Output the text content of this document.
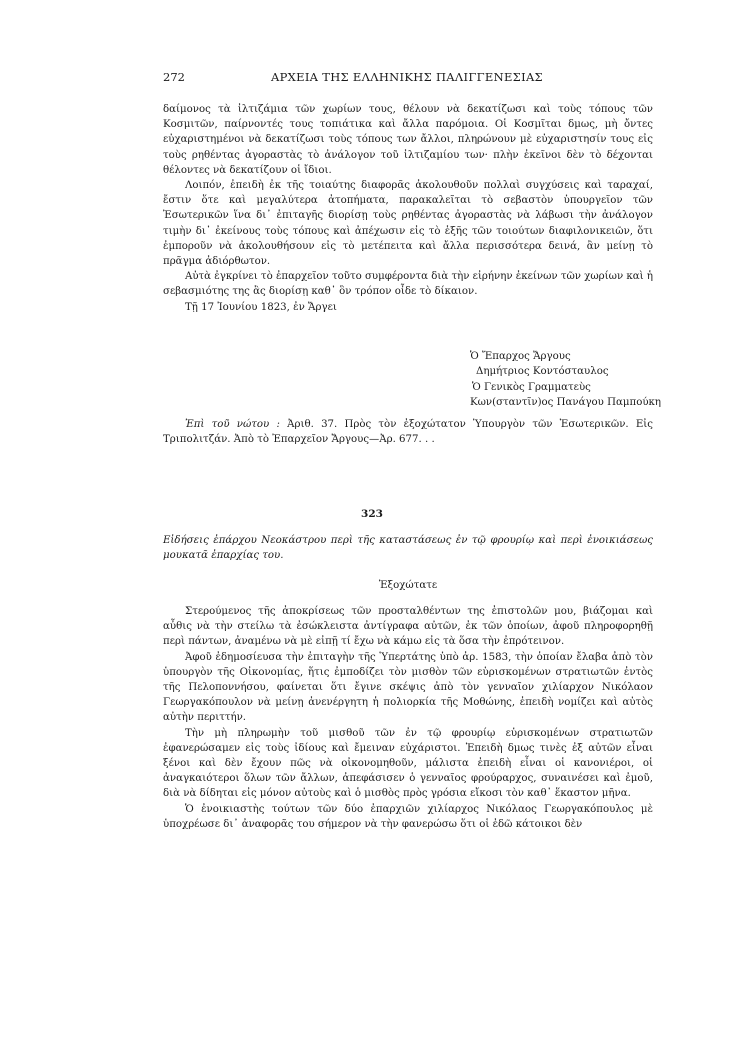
272	ΑΡΧΕΙΑ ΤΗΣ ΕΛΛΗΝΙΚΗΣ ΠΑΛΙΓΓΕΝΕΣΙΑΣ

δαίμονος τὰ ἰλτιζάμια τῶν χωρίων τους, θέλουν νὰ δεκατίζωσι καὶ τοὺς τόπους τῶν Κοσμιτῶν, παίρνοντές τους τοπιάτικα καὶ ἄλλα παρόμοια. Οἱ Κοσμῖται δμως, μὴ ὄντες εὐχαριστημένοι νὰ δεκατίζωσι τοὺς τόπους των ἄλλοι, πληρώνουν μὲ εὐχαριστησίν τους εἰς τοὺς ρηθέντας ἀγοραστὰς τὸ ἀνάλογον τοῦ ἰλτιζαμίου των· πλὴν ἐκεῖνοι δὲν τὸ δέχονται θέλοντες νὰ δεκατίζουν οἱ ἴδιοι.

Λοιπόν, ἐπειδὴ ἐκ τῆς τοιαύτης διαφορᾶς ἀκολουθοῦν πολλαὶ συγχύσεις καὶ ταραχαί, ἔστιν ὅτε καὶ μεγαλύτερα ἀτοπήματα, παρακαλεῖται τὸ σεβαστὸν ὑπουργεῖον τῶν Ἐσωτερικῶν ἵνα δι᾽ ἐπιταγῆς διορίσῃ τοὺς ρηθέντας ἀγοραστὰς νὰ λάβωσι τὴν ἀνάλογον τιμὴν δι᾽ ἐκείνους τοὺς τόπους καὶ ἀπέχωσιν εἰς τὸ ἑξῆς τῶν τοιούτων διαφιλονικειῶν, ὅτι ἐμποροῦν νὰ ἀκολουθήσουν εἰς τὸ μετέπειτα καὶ ἄλλα περισσότερα δεινά, ἂν μείνῃ τὸ πρᾶγμα ἀδιόρθωτον.

Αὐτὰ ἐγκρίνει τὸ ἐπαρχεῖον τοῦτο συμφέροντα διὰ τὴν εἰρήνην ἐκείνων τῶν χωρίων καὶ ἡ σεβασμιότης της ἂς διορίσῃ καθ᾽ ὃν τρόπον οἶδε τὸ δίκαιον.

Τῇ 17 Ἰουνίου 1823, ἐν Ἄργει

Ὁ Ἔπαρχος Ἄργους
Δημήτριος Κοντόσταυλος
Ὁ Γενικὸς Γραμματεὺς
Κων(σταντῖν)ος Πανάγου Παμπούκη

Ἐπὶ τοῦ νώτου : Ἀριθ. 37. Πρὸς τὸν ἐξοχώτατον Ὑπουργὸν τῶν Ἐσωτερικῶν. Εἰς Τριπολιτζάν. Ἀπὸ τὸ Ἐπαρχεῖον Ἄργους—Ἀρ. 677. . .

323

Εἰδήσεις ἐπάρχου Νεοκάστρου περὶ τῆς καταστάσεως ἐν τῷ φρουρίῳ καὶ περὶ ἐνοικιάσεως μουκατᾶ ἐπαρχίας του.

Ἐξοχώτατε

Στερούμενος τῆς ἀποκρίσεως τῶν προσταλθέντων της ἐπιστολῶν μου, βιάζομαι καὶ αὖθις νὰ τὴν στείλω τὰ ἐσώκλειστα ἀντίγραφα αὐτῶν, ἐκ τῶν ὁποίων, ἀφοῦ πληροφορηθῇ περὶ πάντων, ἀναμένω νὰ μὲ εἰπῇ τί ἔχω νὰ κάμω εἰς τὰ ὅσα τὴν ἐπρότεινον.

Ἀφοῦ ἐδημοσίευσα τὴν ἐπιταγὴν τῆς Ὑπερτάτης ὑπὸ ἀρ. 1583, τὴν ὁποίαν ἔλαβα ἀπὸ τὸν ὑπουργὸν τῆς Οἰκονομίας, ἥτις ἐμποδίζει τὸν μισθὸν τῶν εὑρισκομένων στρατιωτῶν ἐντὸς τῆς Πελοποννήσου, φαίνεται ὅτι ἔγινε σκέψις ἀπὸ τὸν γενναῖον χιλίαρχον Νικόλαον Γεωργακόπουλον νὰ μείνῃ ἀνενέργητη ἡ πολιορκία τῆς Μοθώνης, ἐπειδὴ νομίζει καὶ αὐτὸς αὐτὴν περιττήν.

Τὴν μὴ πληρωμὴν τοῦ μισθοῦ τῶν ἐν τῷ φρουρίῳ εὑρισκομένων στρατιωτῶν ἐφανερώσαμεν εἰς τοὺς ἰδίους καὶ ἔμειναν εὐχάριστοι. Ἐπειδὴ δμως τινὲς ἐξ αὐτῶν εἶναι ξένοι καὶ δὲν ἔχουν πῶς νὰ οἰκονομηθοῦν, μάλιστα ἐπειδὴ εἶναι οἱ κανονιέροι, οἱ ἀναγκαιότεροι ὅλων τῶν ἄλλων, ἀπεφάσισεν ὁ γενναῖος φρούραρχος, συναινέσει καὶ ἐμοῦ, διὰ νὰ δίδηται εἰς μόνον αὐτοὺς καὶ ὁ μισθὸς πρὸς γρόσια εἴκοσι τὸν καθ᾽ ἕκαστον μῆνα.

Ὁ ἐνοικιαστὴς τούτων τῶν δύο ἐπαρχιῶν χιλίαρχος Νικόλαος Γεωργακόπουλος μὲ ὑποχρέωσε δι᾽ ἀναφορᾶς του σήμερον νὰ τὴν φανερώσω ὅτι οἱ ἐδῶ κάτοικοι δὲν
